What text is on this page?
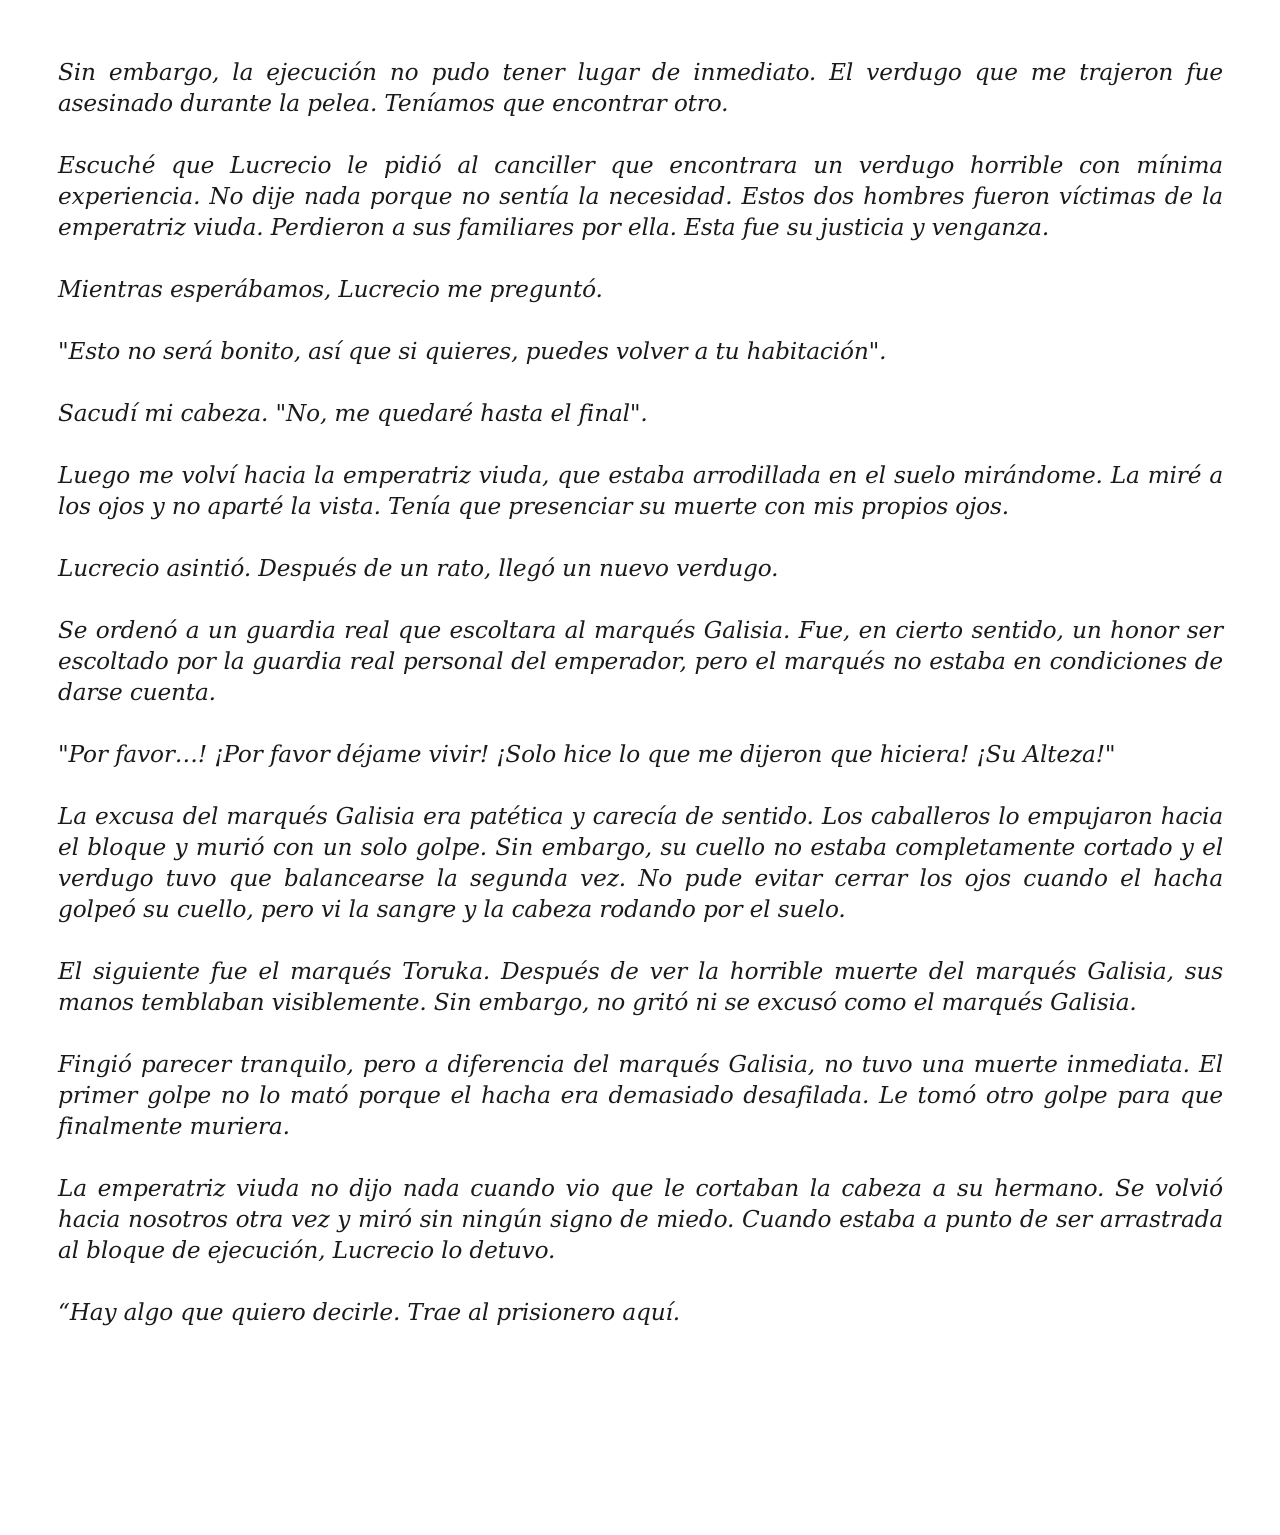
Sin embargo, la ejecución no pudo tener lugar de inmediato. El verdugo que me trajeron fue asesinado durante la pelea. Teníamos que encontrar otro.

Escuché que Lucrecio le pidió al canciller que encontrara un verdugo horrible con mínima experiencia. No dije nada porque no sentía la necesidad. Estos dos hombres fueron víctimas de la emperatriz viuda. Perdieron a sus familiares por ella. Esta fue su justicia y venganza.

Mientras esperábamos, Lucrecio me preguntó.

"Esto no será bonito, así que si quieres, puedes volver a tu habitación".

Sacudí mi cabeza. "No, me quedaré hasta el final".

Luego me volví hacia la emperatriz viuda, que estaba arrodillada en el suelo mirándome. La miré a los ojos y no aparté la vista. Tenía que presenciar su muerte con mis propios ojos.

Lucrecio asintió. Después de un rato, llegó un nuevo verdugo.

Se ordenó a un guardia real que escoltara al marqués Galisia. Fue, en cierto sentido, un honor ser escoltado por la guardia real personal del emperador, pero el marqués no estaba en condiciones de darse cuenta.

"Por favor…! ¡Por favor déjame vivir! ¡Solo hice lo que me dijeron que hiciera! ¡Su Alteza!"

La excusa del marqués Galisia era patética y carecía de sentido. Los caballeros lo empujaron hacia el bloque y murió con un solo golpe. Sin embargo, su cuello no estaba completamente cortado y el verdugo tuvo que balancearse la segunda vez. No pude evitar cerrar los ojos cuando el hacha golpeó su cuello, pero vi la sangre y la cabeza rodando por el suelo.

El siguiente fue el marqués Toruka. Después de ver la horrible muerte del marqués Galisia, sus manos temblaban visiblemente. Sin embargo, no gritó ni se excusó como el marqués Galisia.

Fingió parecer tranquilo, pero a diferencia del marqués Galisia, no tuvo una muerte inmediata. El primer golpe no lo mató porque el hacha era demasiado desafilada. Le tomó otro golpe para que finalmente muriera.

La emperatriz viuda no dijo nada cuando vio que le cortaban la cabeza a su hermano. Se volvió hacia nosotros otra vez y miró sin ningún signo de miedo. Cuando estaba a punto de ser arrastrada al bloque de ejecución, Lucrecio lo detuvo.

“Hay algo que quiero decirle. Trae al prisionero aquí.
